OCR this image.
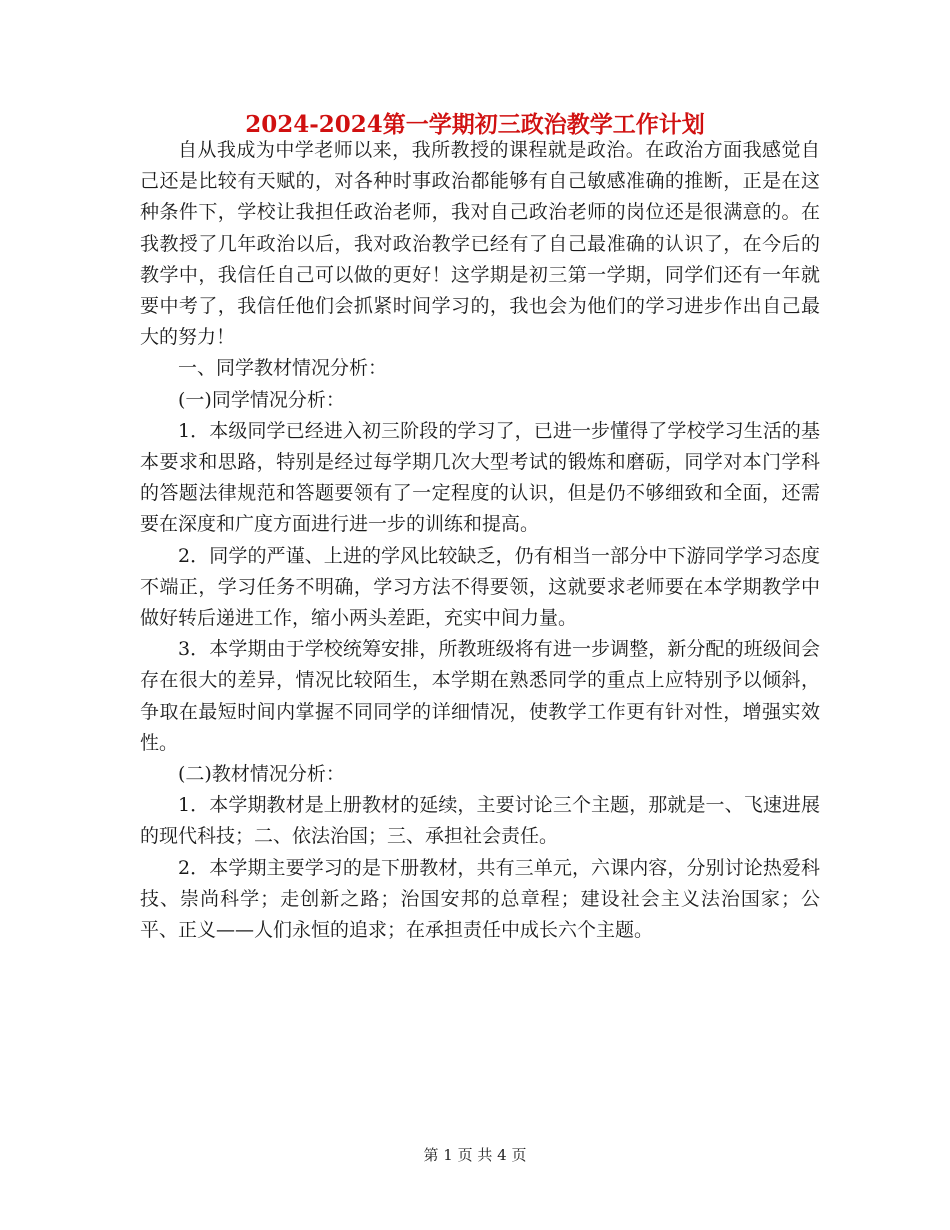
2024-2024第一学期初三政治教学工作计划

自从我成为中学老师以来，我所教授的课程就是政治。在政治方面我感觉自己还是比较有天赋的，对各种时事政治都能够有自己敏感准确的推断，正是在这种条件下，学校让我担任政治老师，我对自己政治老师的岗位还是很满意的。在我教授了几年政治以后，我对政治教学已经有了自己最准确的认识了，在今后的教学中，我信任自己可以做的更好！这学期是初三第一学期，同学们还有一年就要中考了，我信任他们会抓紧时间学习的，我也会为他们的学习进步作出自己最大的努力！

一、同学教材情况分析：

(一)同学情况分析：

1．本级同学已经进入初三阶段的学习了，已进一步懂得了学校学习生活的基本要求和思路，特别是经过每学期几次大型考试的锻炼和磨砺，同学对本门学科的答题法律规范和答题要领有了一定程度的认识，但是仍不够细致和全面，还需要在深度和广度方面进行进一步的训练和提高。

2．同学的严谨、上进的学风比较缺乏，仍有相当一部分中下游同学学习态度不端正，学习任务不明确，学习方法不得要领，这就要求老师要在本学期教学中做好转后递进工作，缩小两头差距，充实中间力量。

3．本学期由于学校统筹安排，所教班级将有进一步调整，新分配的班级间会存在很大的差异，情况比较陌生，本学期在熟悉同学的重点上应特别予以倾斜，争取在最短时间内掌握不同同学的详细情况，使教学工作更有针对性，增强实效性。

(二)教材情况分析：

1．本学期教材是上册教材的延续，主要讨论三个主题，那就是一、飞速进展的现代科技；二、依法治国；三、承担社会责任。

2．本学期主要学习的是下册教材，共有三单元，六课内容，分别讨论热爱科技、崇尚科学；走创新之路；治国安邦的总章程；建设社会主义法治国家；公平、正义——人们永恒的追求；在承担责任中成长六个主题。

第 1 页 共 4 页
